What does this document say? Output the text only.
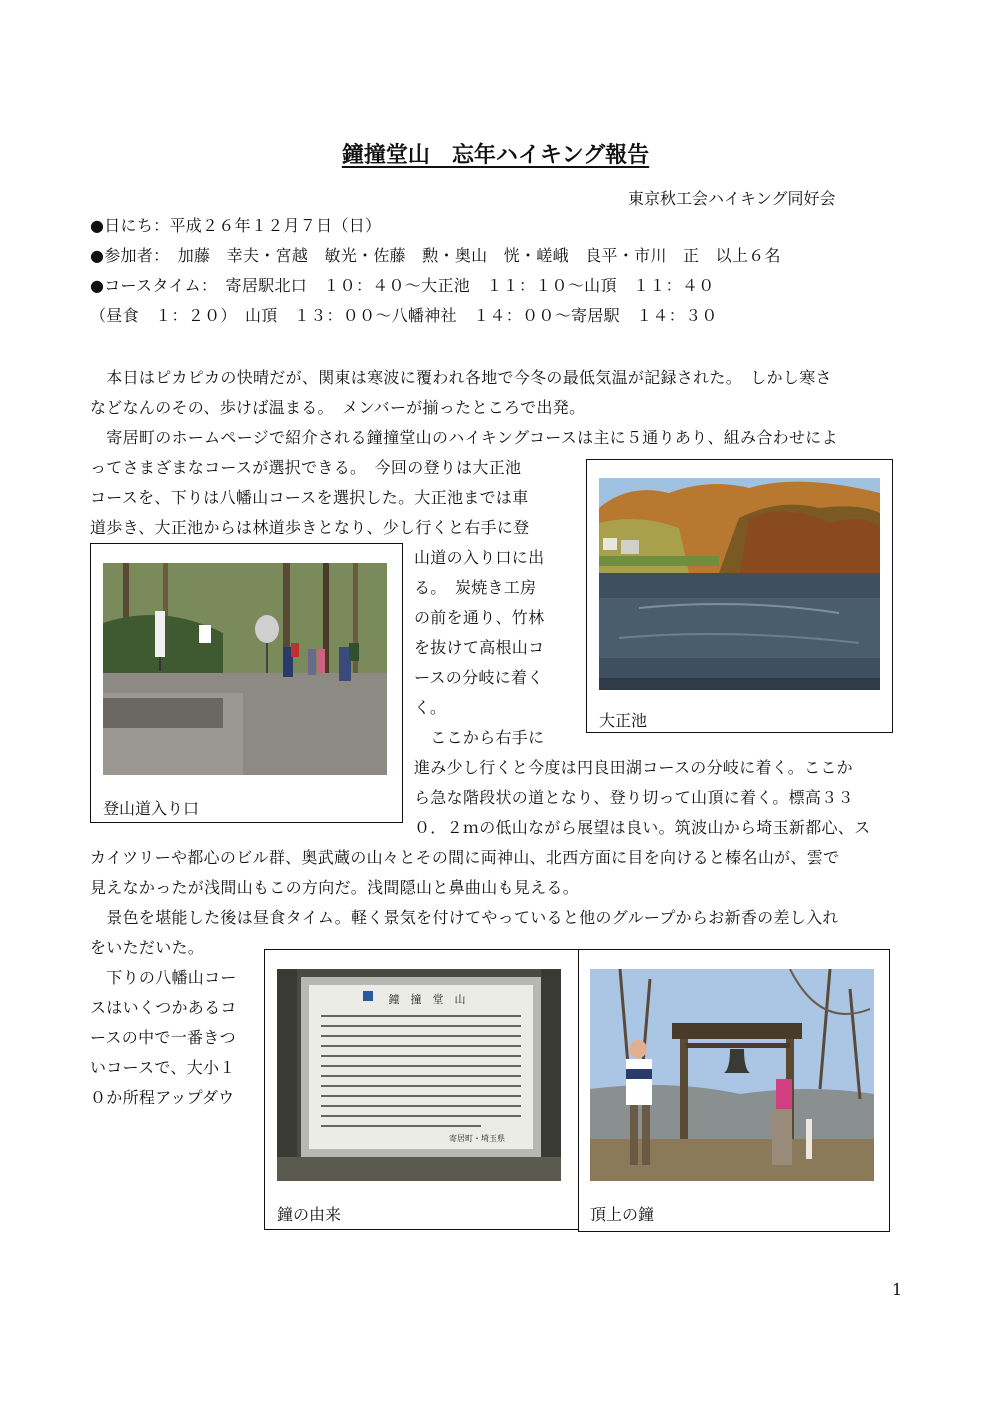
鐘撞堂山　忘年ハイキング報告
東京秋工会ハイキング同好会
●日にち：平成２６年１２月７日（日）
●参加者：　加藤　幸夫・宮越　敏光・佐藤　勲・奥山　恍・嵯峨　良平・市川　正　以上６名
●コースタイム：　寄居駅北口　１０：４０～大正池　１１：１０～山頂　１１：４０
（昼食　１：２０）　山頂　１３：００～八幡神社　１４：００～寄居駅　１４：３０
　本日はピカピカの快晴だが、関東は寒波に覆われ各地で今冬の最低気温が記録された。　しかし寒さ
などなんのその、歩けば温まる。　メンバーが揃ったところで出発。
　寄居町のホームページで紹介される鐘撞堂山のハイキングコースは主に５通りあり、組み合わせによ
ってさまざまなコースが選択できる。　今回の登りは大正池
コースを、下りは八幡山コースを選択した。大正池までは車
道歩き、大正池からは林道歩きとなり、少し行くと右手に登
山道の入り口に出
る。　炭焼き工房
の前を通り、竹林
を抜けて高根山コ
ースの分岐に着く
く。
　ここから右手に
進み少し行くと今度は円良田湖コースの分岐に着く。ここか
ら急な階段状の道となり、登り切って山頂に着く。標高３３
０．２ｍの低山ながら展望は良い。筑波山から埼玉新都心、ス
カイツリーや都心のビル群、奥武蔵の山々とその間に両神山、北西方面に目を向けると榛名山が、雲で
見えなかったが浅間山もこの方向だ。浅間隠山と鼻曲山も見える。
　景色を堪能した後は昼食タイム。軽く景気を付けてやっていると他のグループからお新香の差し入れ
をいただいた。
　下りの八幡山コー
スはいくつかあるコ
ースの中で一番きつ
いコースで、大小１
０か所程アップダウ
大正池
登山道入り口
鐘　撞　堂　山
寄居町・埼玉県
鐘の由来	頂上の鐘
1
